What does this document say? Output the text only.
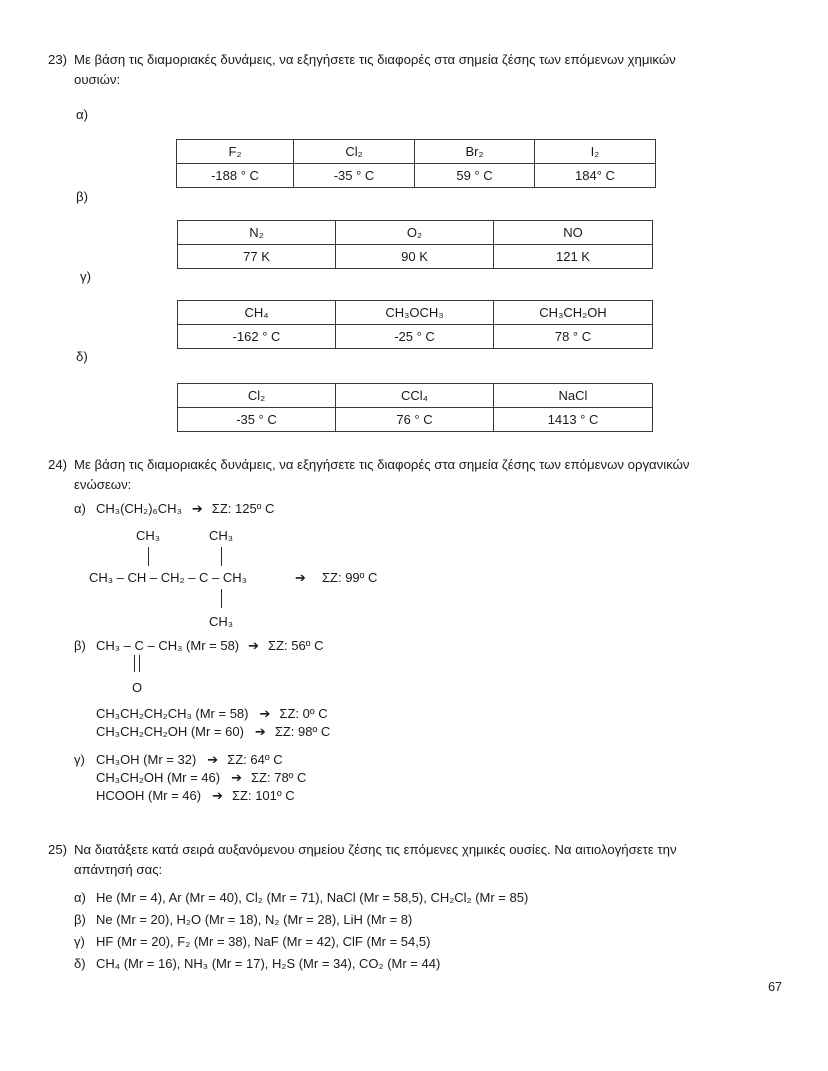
23) Με βάση τις διαμοριακές δυνάμεις, να εξηγήσετε τις διαφορές στα σημεία ζέσης των επόμενων χημικών
ουσιών:
α)
β)
γ)
δ)
F₂	Cl₂	Br₂	I₂
-188 ° C	-35 ° C	59 ° C	184° C
N₂	O₂	NO
77 K	90 K	121 K
CH₄	CH₃OCH₃	CH₃CH₂OH
-162 ° C	-25 ° C	78 ° C
Cl₂	CCl₄	NaCl
-35 ° C	76 ° C	1413 ° C
24) Με βάση τις διαμοριακές δυνάμεις, να εξηγήσετε τις διαφορές στα σημεία ζέσης των επόμενων οργανικών
ενώσεων:
α) CH₃(CH₂)₆CH₃ ➔ ΣΖ: 125º C
CH₃	CH₃
CH₃ – CH – CH₂ – C – CH₃	➔ ΣΖ: 99º C
CH₃
β) CH₃ – C – CH₃ (Mr = 58) ➔ ΣΖ: 56º C
O
CH₃CH₂CH₂CH₃ (Mr = 58) ➔ ΣΖ: 0º C
CH₃CH₂CH₂OH (Mr = 60) ➔ ΣΖ: 98º C
γ) CH₃OH (Mr = 32) ➔ ΣΖ: 64º C
CH₃CH₂OH (Mr = 46) ➔ ΣΖ: 78º C
HCOOH (Mr = 46) ➔ ΣΖ: 101º C
25) Να διατάξετε κατά σειρά αυξανόμενου σημείου ζέσης τις επόμενες χημικές ουσίες. Να αιτιολογήσετε την
απάντησή σας:
α) He (Mr = 4), Ar (Mr = 40), Cl₂ (Mr = 71), NaCl (Mr = 58,5), CH₂Cl₂ (Mr = 85)
β) Ne (Mr = 20), H₂O (Mr = 18), N₂ (Mr = 28), LiH (Mr = 8)
γ) HF (Mr = 20), F₂ (Mr = 38), NaF (Mr = 42), ClF (Mr = 54,5)
δ) CH₄ (Mr = 16), NH₃ (Mr = 17), H₂S (Mr = 34), CO₂ (Mr = 44)
67
